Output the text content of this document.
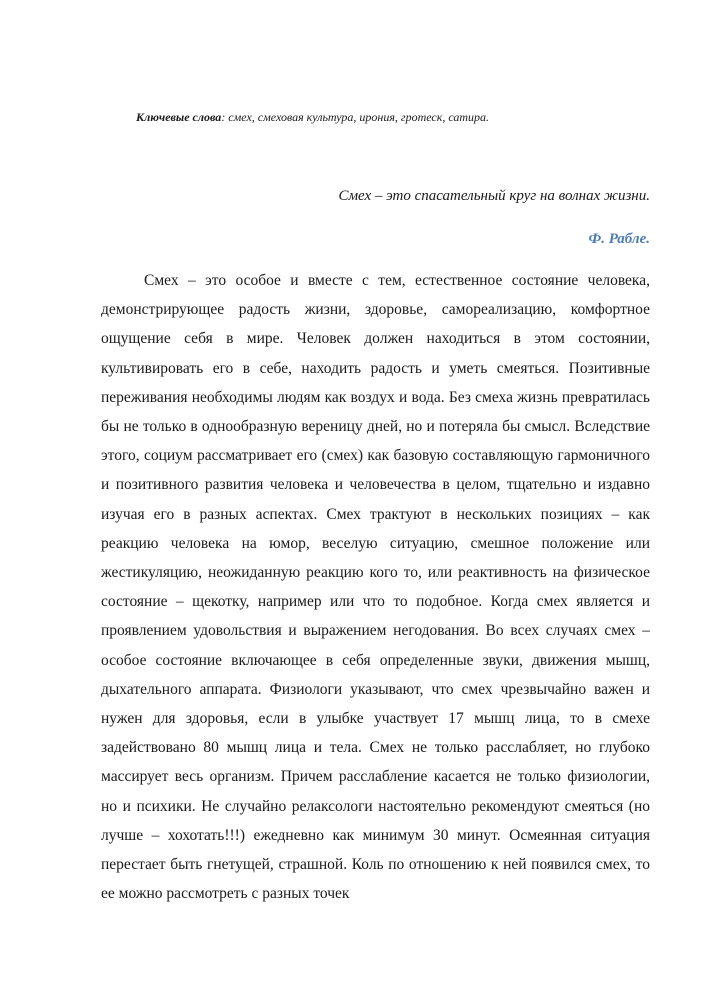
Ключевые слова: смех, смеховая культура, ирония, гротеск, сатира.
Смех – это спасательный круг на волнах жизни.
Ф. Рабле.

Смех – это особое и вместе с тем, естественное состояние человека, демонстрирующее радость жизни, здоровье, самореализацию, комфортное ощущение себя в мире. Человек должен находиться в этом состоянии, культивировать его в себе, находить радость и уметь смеяться. Позитивные переживания необходимы людям как воздух и вода. Без смеха жизнь превратилась бы не только в однообразную вереницу дней, но и потеряла бы смысл. Вследствие этого, социум рассматривает его (смех) как базовую составляющую гармоничного и позитивного развития человека и человечества в целом, тщательно и издавно изучая его в разных аспектах. Смех трактуют в нескольких позициях – как реакцию человека на юмор, веселую ситуацию, смешное положение или жестикуляцию, неожиданную реакцию кого то, или реактивность на физическое состояние – щекотку, например или что то подобное. Когда смех является и проявлением удовольствия и выражением негодования. Во всех случаях смех – особое состояние включающее в себя определенные звуки, движения мышц, дыхательного аппарата. Физиологи указывают, что смех чрезвычайно важен и нужен для здоровья, если в улыбке участвует 17 мышц лица, то в смехе задействовано 80 мышц лица и тела. Смех не только расслабляет, но глубоко массирует весь организм. Причем расслабление касается не только физиологии, но и психики. Не случайно релаксологи настоятельно рекомендуют смеяться (но лучше – хохотать!!!) ежедневно как минимум 30 минут. Осмеянная ситуация перестает быть гнетущей, страшной. Коль по отношению к ней появился смех, то ее можно рассмотреть с разных точек
